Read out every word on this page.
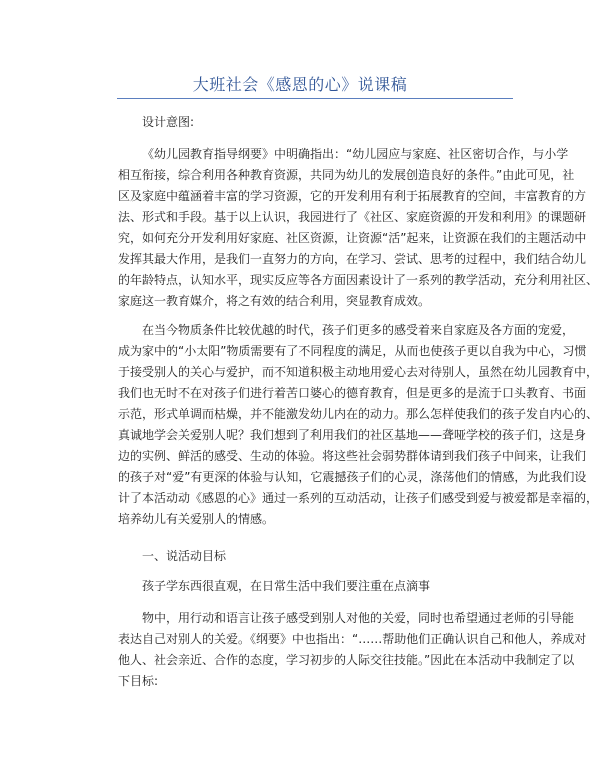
大班社会《感恩的心》说课稿
设计意图:
《幼儿园教育指导纲要》中明确指出：“幼儿园应与家庭、社区密切合作，与小学
相互衔接，综合利用各种教育资源，共同为幼儿的发展创造良好的条件。”由此可见，社
区及家庭中蕴涵着丰富的学习资源，它的开发利用有利于拓展教育的空间，丰富教育的方
法、形式和手段。基于以上认识，我园进行了《社区、家庭资源的开发和利用》的课题研
究，如何充分开发利用好家庭、社区资源，让资源“活”起来，让资源在我们的主题活动中
发挥其最大作用，是我们一直努力的方向，在学习、尝试、思考的过程中，我们结合幼儿
的年龄特点，认知水平，现实反应等各方面因素设计了一系列的教学活动，充分利用社区、
家庭这一教育媒介，将之有效的结合利用，突显教育成效。
在当今物质条件比较优越的时代，孩子们更多的感受着来自家庭及各方面的宠爱，
成为家中的“小太阳”物质需要有了不同程度的满足，从而也使孩子更以自我为中心，习惯
于接受别人的关心与爱护，而不知道积极主动地用爱心去对待别人，虽然在幼儿园教育中，
我们也无时不在对孩子们进行着苦口婆心的德育教育，但是更多的是流于口头教育、书面
示范，形式单调而枯燥，并不能激发幼儿内在的动力。那么怎样使我们的孩子发自内心的、
真诚地学会关爱别人呢？我们想到了利用我们的社区基地——聋哑学校的孩子们，这是身
边的实例、鲜活的感受、生动的体验。将这些社会弱势群体请到我们孩子中间来，让我们
的孩子对“爱”有更深的体验与认知，它震撼孩子们的心灵，涤荡他们的情感，为此我们设
计了本活动动《感恩的心》通过一系列的互动活动，让孩子们感受到爱与被爱都是幸福的，
培养幼儿有关爱别人的情感。
一、说活动目标
孩子学东西很直观，在日常生活中我们要注重在点滴事
物中，用行动和语言让孩子感受到别人对他的关爱，同时也希望通过老师的引导能
表达自己对别人的关爱。《纲要》中也指出：“……帮助他们正确认识自己和他人，养成对
他人、社会亲近、合作的态度，学习初步的人际交往技能。”因此在本活动中我制定了以
下目标:
